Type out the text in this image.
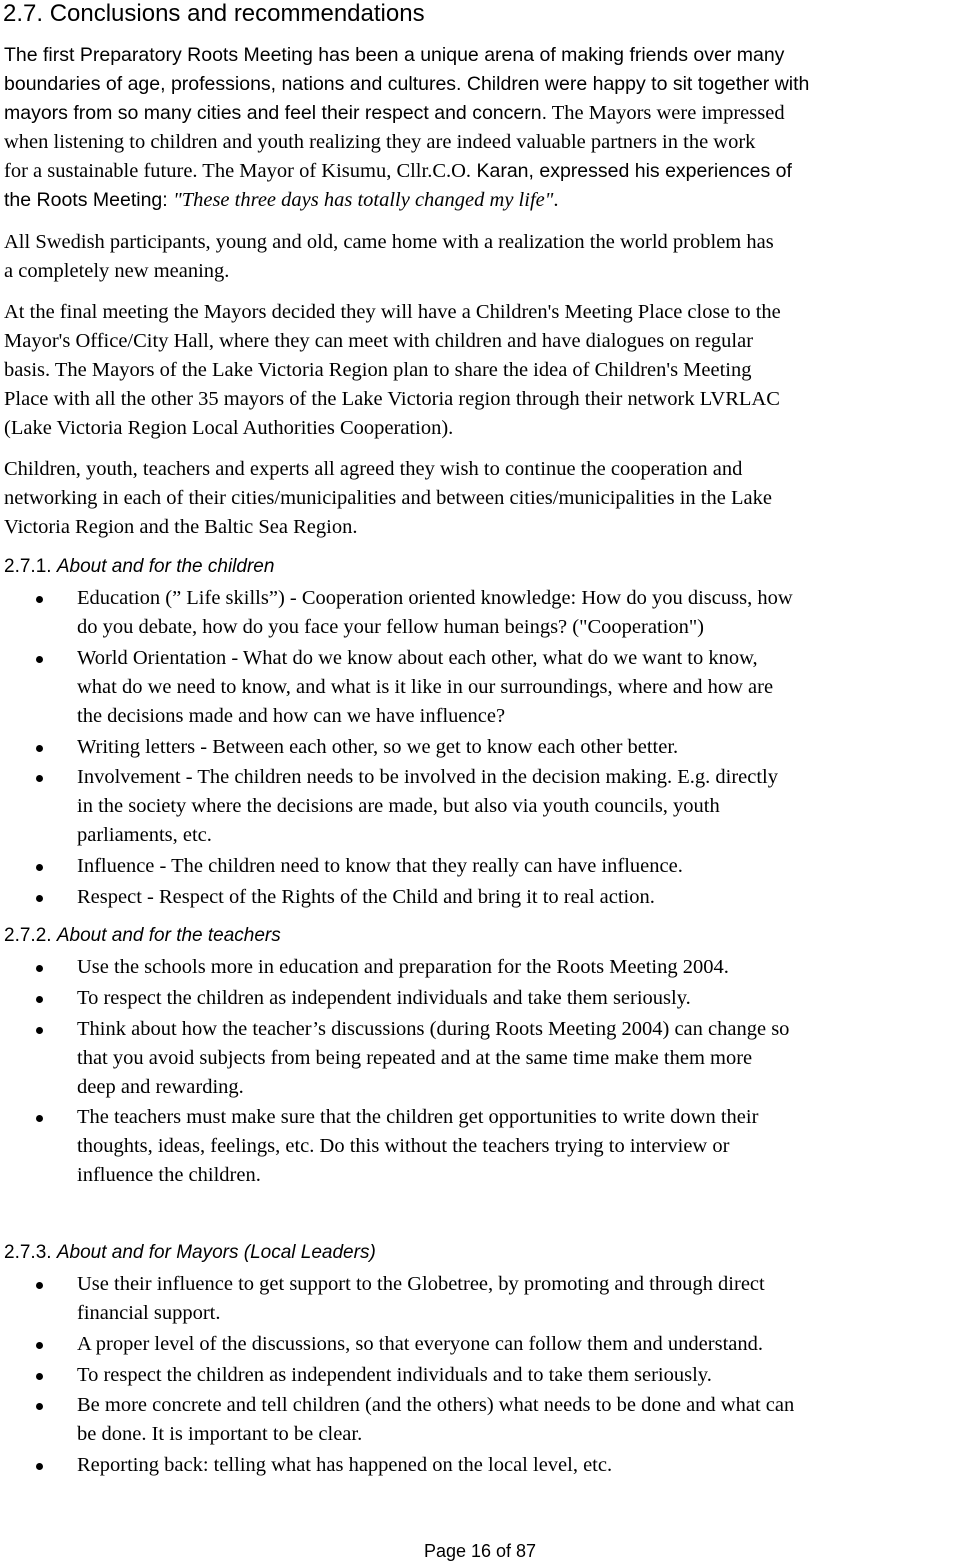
2.7. Conclusions and recommendations
The first Preparatory Roots Meeting has been a unique arena of making friends over many
boundaries of age, professions, nations and cultures. Children were happy to sit together with
mayors from so many cities and feel their respect and concern. The Mayors were impressed
when listening to children and youth realizing they are indeed valuable partners in the work
for a sustainable future. The Mayor of Kisumu, Cllr.C.O. Karan, expressed his experiences of
the Roots Meeting: "These three days has totally changed my life".
All Swedish participants, young and old, came home with a realization the world problem has
a completely new meaning.
At the final meeting the Mayors decided they will have a Children's Meeting Place close to the
Mayor's Office/City Hall, where they can meet with children and have dialogues on regular
basis. The Mayors of the Lake Victoria Region plan to share the idea of Children's Meeting
Place with all the other 35 mayors of the Lake Victoria region through their network LVRLAC
(Lake Victoria Region Local Authorities Cooperation).
Children, youth, teachers and experts all agreed they wish to continue the cooperation and
networking in each of their cities/municipalities and between cities/municipalities in the Lake
Victoria Region and the Baltic Sea Region.
2.7.1. About and for the children
Education (” Life skills”) - Cooperation oriented knowledge: How do you discuss, how
do you debate, how do you face your fellow human beings? ("Cooperation")
World Orientation - What do we know about each other, what do we want to know,
what do we need to know, and what is it like in our surroundings, where and how are
the decisions made and how can we have influence?
Writing letters - Between each other, so we get to know each other better.
Involvement - The children needs to be involved in the decision making. E.g. directly
in the society where the decisions are made, but also via youth councils, youth
parliaments, etc.
Influence - The children need to know that they really can have influence.
Respect - Respect of the Rights of the Child and bring it to real action.
2.7.2. About and for the teachers
Use the schools more in education and preparation for the Roots Meeting 2004.
To respect the children as independent individuals and take them seriously.
Think about how the teacher’s discussions (during Roots Meeting 2004) can change so
that you avoid subjects from being repeated and at the same time make them more
deep and rewarding.
The teachers must make sure that the children get opportunities to write down their
thoughts, ideas, feelings, etc. Do this without the teachers trying to interview or
influence the children.
2.7.3. About and for Mayors (Local Leaders)
Use their influence to get support to the Globetree, by promoting and through direct
financial support.
A proper level of the discussions, so that everyone can follow them and understand.
To respect the children as independent individuals and to take them seriously.
Be more concrete and tell children (and the others) what needs to be done and what can
be done. It is important to be clear.
Reporting back: telling what has happened on the local level, etc.
Page 16 of 87
